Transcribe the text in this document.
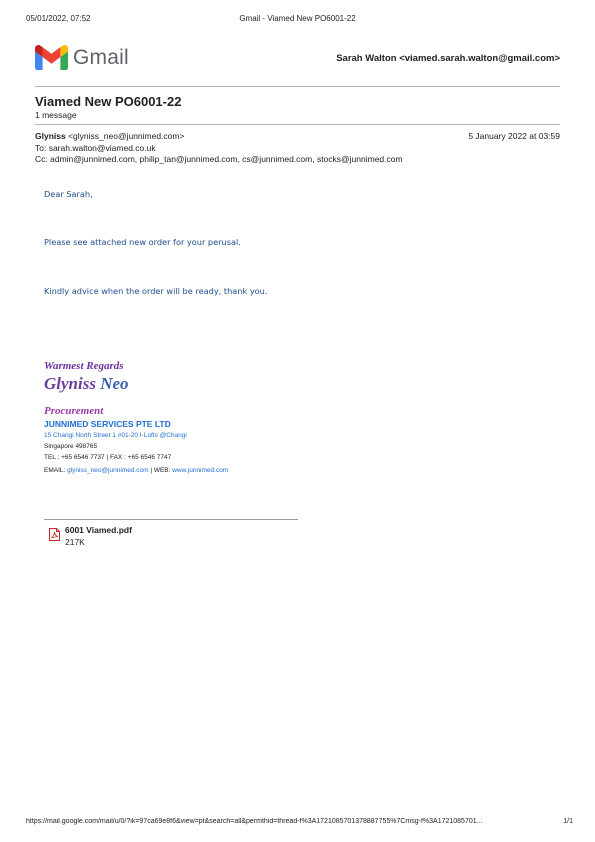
05/01/2022, 07:52	Gmail - Viamed New PO6001-22
Gmail	Sarah Walton <viamed.sarah.walton@gmail.com>
Viamed New PO6001-22
1 message
Glyniss <glyniss_neo@junnimed.com>	5 January 2022 at 03:59
To: sarah.walton@viamed.co.uk
Cc: admin@junnimed.com, philip_tan@junnimed.com, cs@junnimed.com, stocks@junnimed.com
Dear Sarah,
Please see attached new order for your perusal.
Kindly advice when the order will be ready, thank you.
Warmest Regards
Glyniss Neo
Procurement
JUNNIMED SERVICES PTE LTD
15 Changi North Street 1 #01-20 I-Lofts @Changi
Singapore 498765
TEL : +65 6546 7737 | FAX : +65 6546 7747
EMAIL: glyniss_neo@junnimed.com | WEB: www.junnimed.com
6001 Viamed.pdf
217K
https://mail.google.com/mail/u/0/?ik=97ca69e8f6&view=pt&search=all&permthid=thread-f%3A1721085701378887755%7Cmsg-f%3A1721085701...	1/1
